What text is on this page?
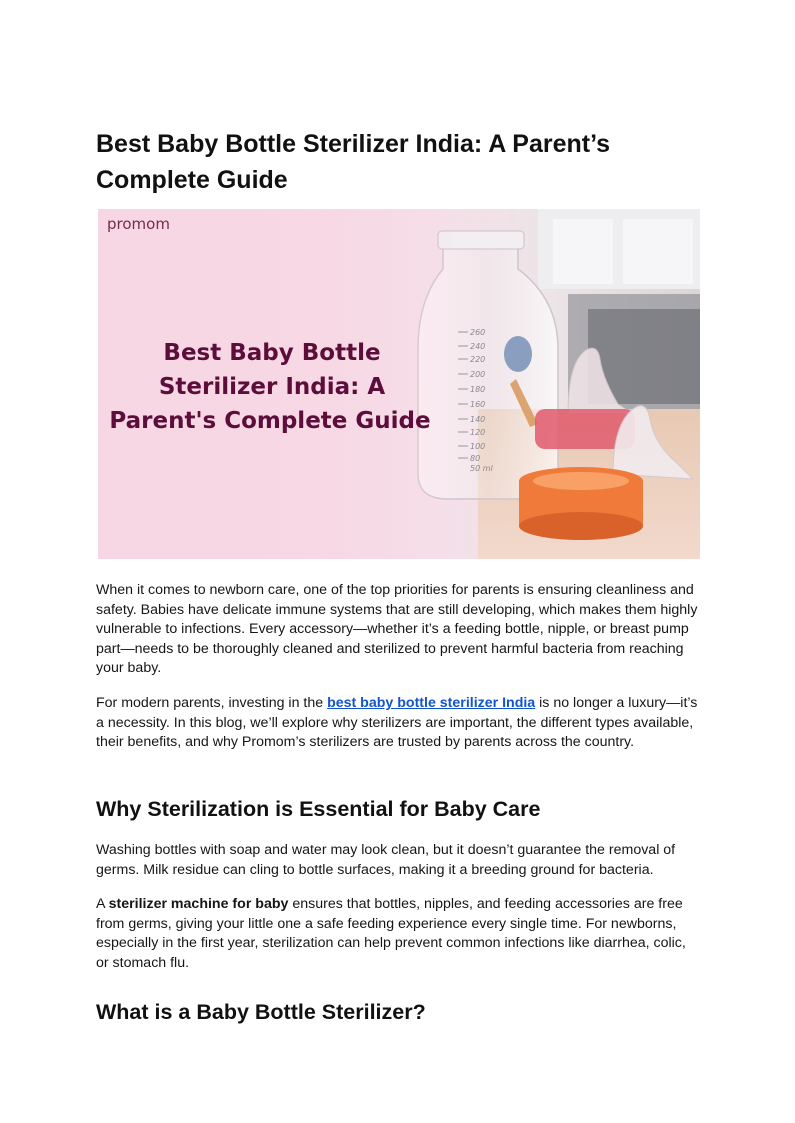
Best Baby Bottle Sterilizer India: A Parent’s Complete Guide
260
240
220
200
180
160
140
120
100
80
50 ml
promom
Best Baby Bottle
Sterilizer India: A
Parent's Complete Guide

When it comes to newborn care, one of the top priorities for parents is ensuring cleanliness and safety. Babies have delicate immune systems that are still developing, which makes them highly vulnerable to infections. Every accessory—whether it’s a feeding bottle, nipple, or breast pump part—needs to be thoroughly cleaned and sterilized to prevent harmful bacteria from reaching your baby.

For modern parents, investing in the best baby bottle sterilizer India is no longer a luxury—it’s a necessity. In this blog, we’ll explore why sterilizers are important, the different types available, their benefits, and why Promom’s sterilizers are trusted by parents across the country.

Why Sterilization is Essential for Baby Care

Washing bottles with soap and water may look clean, but it doesn’t guarantee the removal of germs. Milk residue can cling to bottle surfaces, making it a breeding ground for bacteria.

A sterilizer machine for baby ensures that bottles, nipples, and feeding accessories are free from germs, giving your little one a safe feeding experience every single time. For newborns, especially in the first year, sterilization can help prevent common infections like diarrhea, colic, or stomach flu.

What is a Baby Bottle Sterilizer?
